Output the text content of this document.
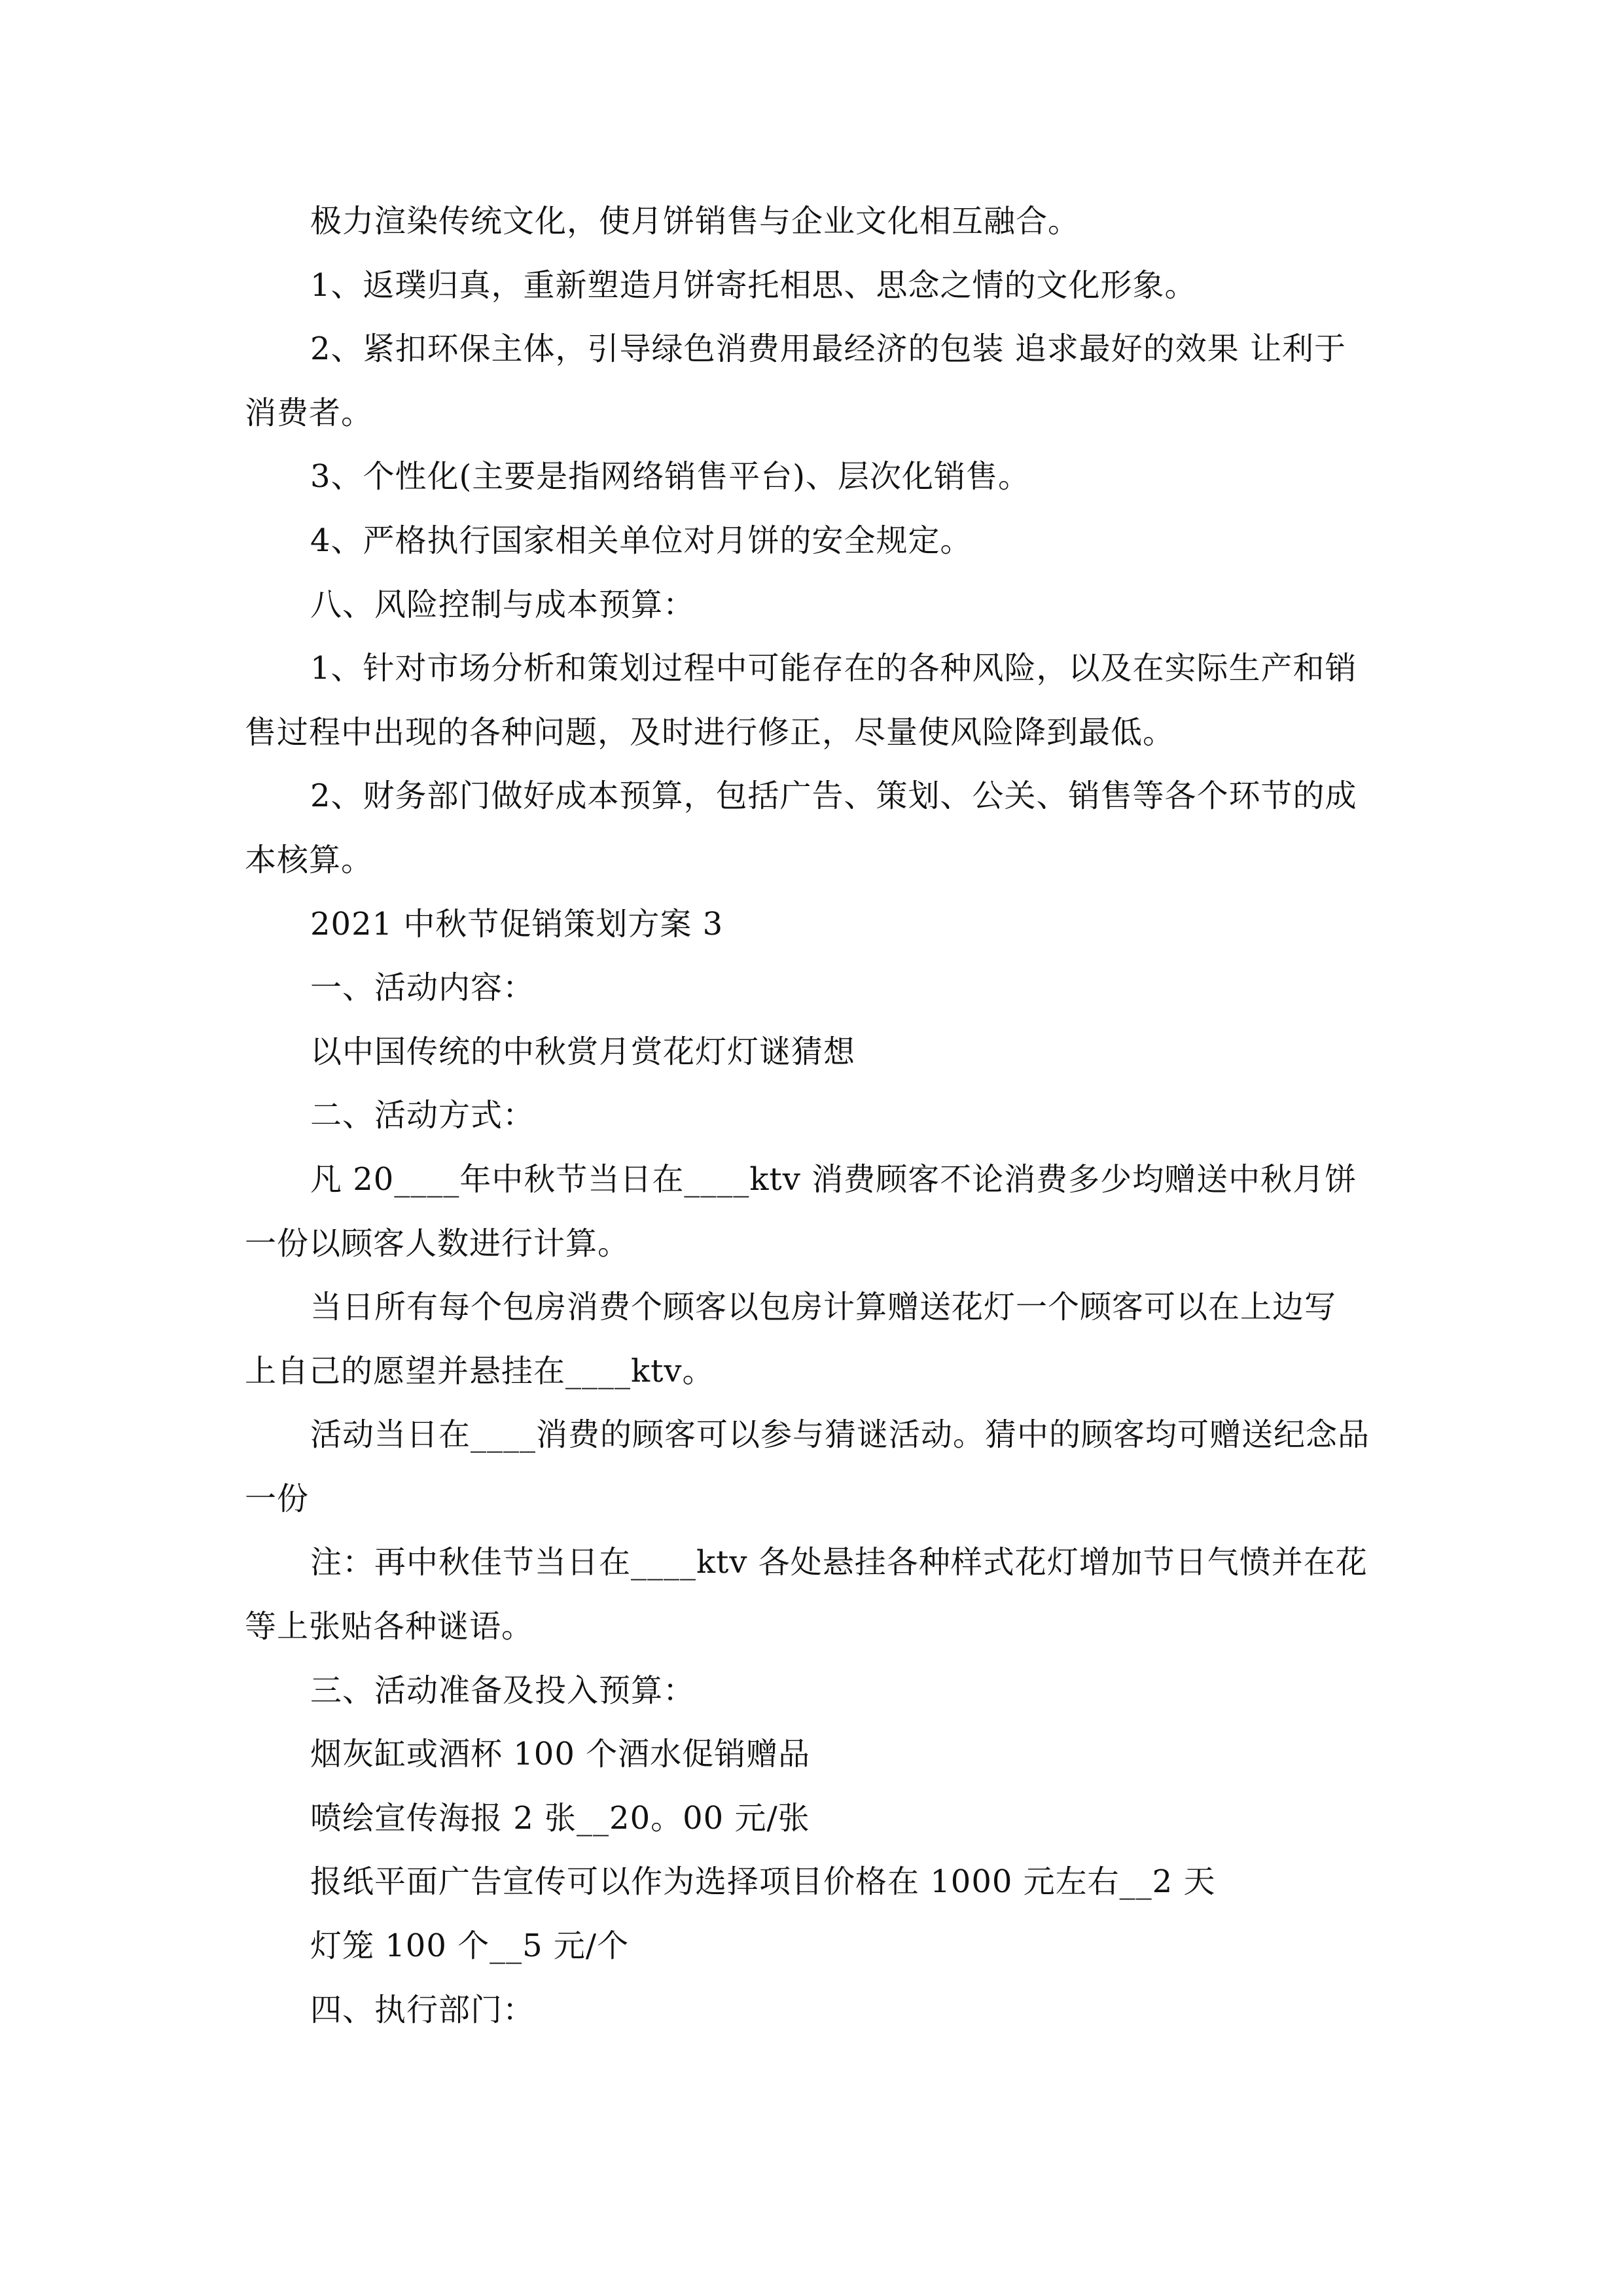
极力渲染传统文化，使月饼销售与企业文化相互融合。

1、返璞归真，重新塑造月饼寄托相思、思念之情的文化形象。

2、紧扣环保主体，引导绿色消费用最经济的包装 追求最好的效果 让利于
消费者。

3、个性化(主要是指网络销售平台)、层次化销售。

4、严格执行国家相关单位对月饼的安全规定。

八、风险控制与成本预算：

1、针对市场分析和策划过程中可能存在的各种风险，以及在实际生产和销
售过程中出现的各种问题，及时进行修正，尽量使风险降到最低。

2、财务部门做好成本预算，包括广告、策划、公关、销售等各个环节的成
本核算。

2021 中秋节促销策划方案 3

一、活动内容：

以中国传统的中秋赏月赏花灯灯谜猜想

二、活动方式：

凡 20____年中秋节当日在____ktv 消费顾客不论消费多少均赠送中秋月饼
一份以顾客人数进行计算。

当日所有每个包房消费个顾客以包房计算赠送花灯一个顾客可以在上边写
上自己的愿望并悬挂在____ktv。

活动当日在____消费的顾客可以参与猜谜活动。猜中的顾客均可赠送纪念品
一份

注：再中秋佳节当日在____ktv 各处悬挂各种样式花灯增加节日气愤并在花
等上张贴各种谜语。

三、活动准备及投入预算：

烟灰缸或酒杯 100 个酒水促销赠品

喷绘宣传海报 2 张__20。00 元/张

报纸平面广告宣传可以作为选择项目价格在 1000 元左右__2 天

灯笼 100 个__5 元/个

四、执行部门：
